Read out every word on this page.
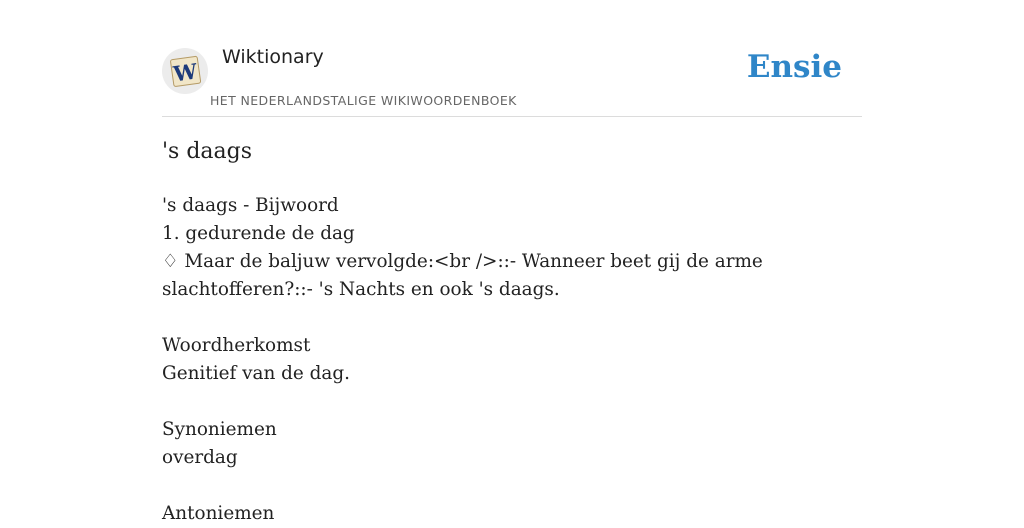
W
Wiktionary
HET NEDERLANDSTALIGE WIKIWOORDENBOEK
Ensie
's daags
's daags - Bijwoord
1. gedurende de dag
♢ Maar de baljuw vervolgde:<br />::- Wanneer beet gij de arme slachtofferen?::- 's Nachts en ook 's daags.
Woordherkomst
Genitief van de dag.
Synoniemen
overdag
Antoniemen
